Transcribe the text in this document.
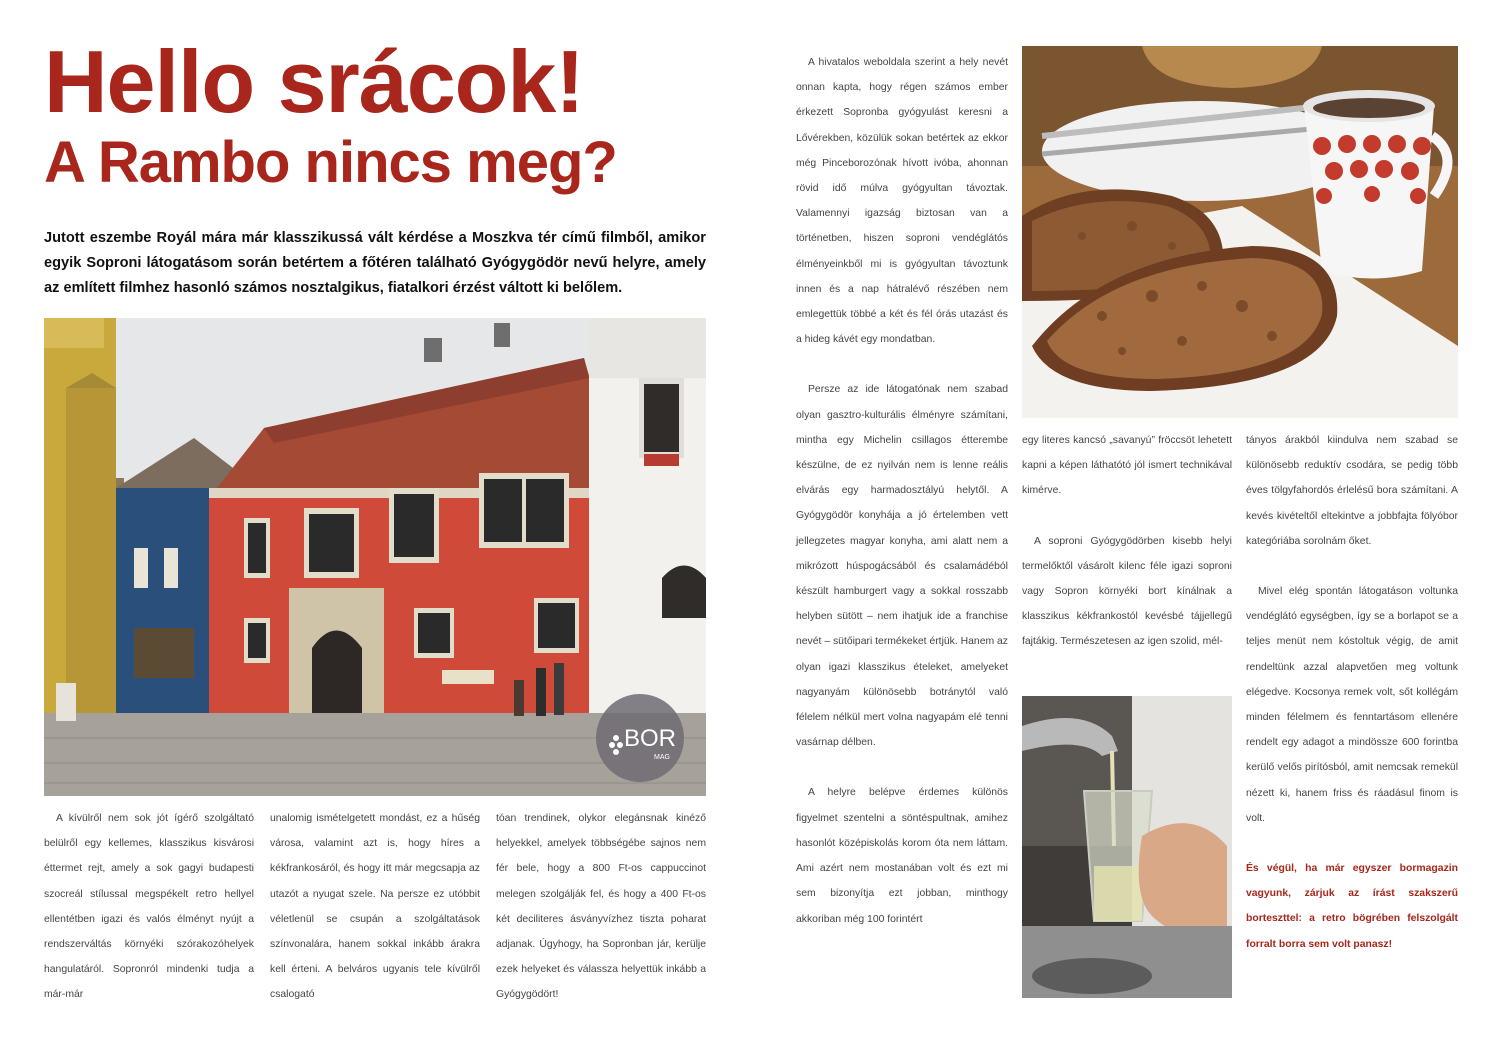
Hello srácok!
A Rambo nincs meg?

Jutott eszembe Royál mára már klasszikussá vált kérdése a Moszkva tér című filmből, amikor egyik Soproni látogatásom során betértem a főtéren található Gyógygödör nevű helyre, amely az említett filmhez hasonló számos nosztalgikus, fiatalkori érzést váltott ki belőlem.

BOR
MAG

A kívülről nem sok jót ígérő szolgáltató belülről egy kellemes, klasszikus kisvárosi éttermet rejt, amely a sok gagyi budapesti szocreál stílussal megspékelt retro hellyel ellentétben igazi és valós élményt nyújt a rendszerváltás környéki szórakozóhelyek hangulatáról. Sopronról mindenki tudja a már-már

unalomig ismételgetett mondást, ez a hűség városa, valamint azt is, hogy híres a kékfrankosáról, és hogy itt már megcsapja az utazót a nyugat szele. Na persze ez utóbbit véletlenül se csupán a szolgáltatások színvonalára, hanem sokkal inkább árakra kell érteni. A belváros ugyanis tele kívülről csalogató

tóan trendinek, olykor elegánsnak kinéző helyekkel, amelyek többségébe sajnos nem fér bele, hogy a 800 Ft-os cappuccinot melegen szolgálják fel, és hogy a 400 Ft-os két deciliteres ásványvízhez tiszta poharat adjanak. Úgyhogy, ha Sopronban jár, kerülje ezek helyeket és válassza helyettük inkább a Gyógygödört!

A hivatalos weboldala szerint a hely nevét onnan kapta, hogy régen számos ember érkezett Sopronba gyógyulást keresni a Lővérekben, közülük sokan betértek az ekkor még Pinceborozónak hívott ivóba, ahonnan rövid idő múlva gyógyultan távoztak. Valamennyi igazság biztosan van a történetben, hiszen soproni vendéglátós élményeinkből mi is gyógyultan távoztunk innen és a nap hátralévő részében nem emlegettük többé a két és fél órás utazást és a hideg kávét egy mondatban.

Persze az ide látogatónak nem szabad olyan gasztro-kulturális élményre számítani, mintha egy Michelin csillagos étterembe készülne, de ez nyilván nem is lenne reális elvárás egy harmadosztályú helytől. A Gyógygödör konyhája a jó értelemben vett jellegzetes magyar konyha, ami alatt nem a mikrózott húspogácsából és csalamádéból készült hamburgert vagy a sokkal rosszabb helyben sütött – nem ihatjuk ide a franchise nevét – sütőipari termékeket értjük. Hanem az olyan igazi klasszikus ételeket, amelyeket nagyanyám különösebb botránytól való félelem nélkül mert volna nagyapám elé tenni vasárnap délben.

A helyre belépve érdemes különös figyelmet szentelni a söntéspultnak, amihez hasonlót középiskolás korom óta nem láttam. Ami azért nem mostanában volt és ezt mi sem bizonyítja ezt jobban, minthogy akkoriban még 100 forintért

egy literes kancsó „savanyú” fröccsöt lehetett kapni a képen láthatótó jól ismert technikával kimérve.

A soproni Gyógygödörben kisebb helyi termelőktől vásárolt kilenc féle igazi soproni vagy Sopron környéki bort kínálnak a klasszikus kékfrankostól kevésbé tájjellegű fajtákig. Természetesen az igen szolid, mél-

tányos árakból kiindulva nem szabad se különösebb reduktív csodára, se pedig több éves tölgyfahordós érlelésű bora számítani. A kevés kivételtől eltekintve a jobbfajta fölyóbor kategóriába sorolnám őket.

Mivel elég spontán látogatáson voltunka vendéglátó egységben, így se a borlapot se a teljes menüt nem kóstoltuk végig, de amit rendeltünk azzal alapvetően meg voltunk elégedve. Kocsonya remek volt, sőt kollégám minden félelmem és fenntartásom ellenére rendelt egy adagot a mindössze 600 forintba kerülő velős pirítósból, amit nemcsak remekül nézett ki, hanem friss és ráadásul finom is volt.

És végül, ha már egyszer bormagazin vagyunk, zárjuk az írást szakszerű borteszttel: a retro bögrében felszolgált forralt borra sem volt panasz!
